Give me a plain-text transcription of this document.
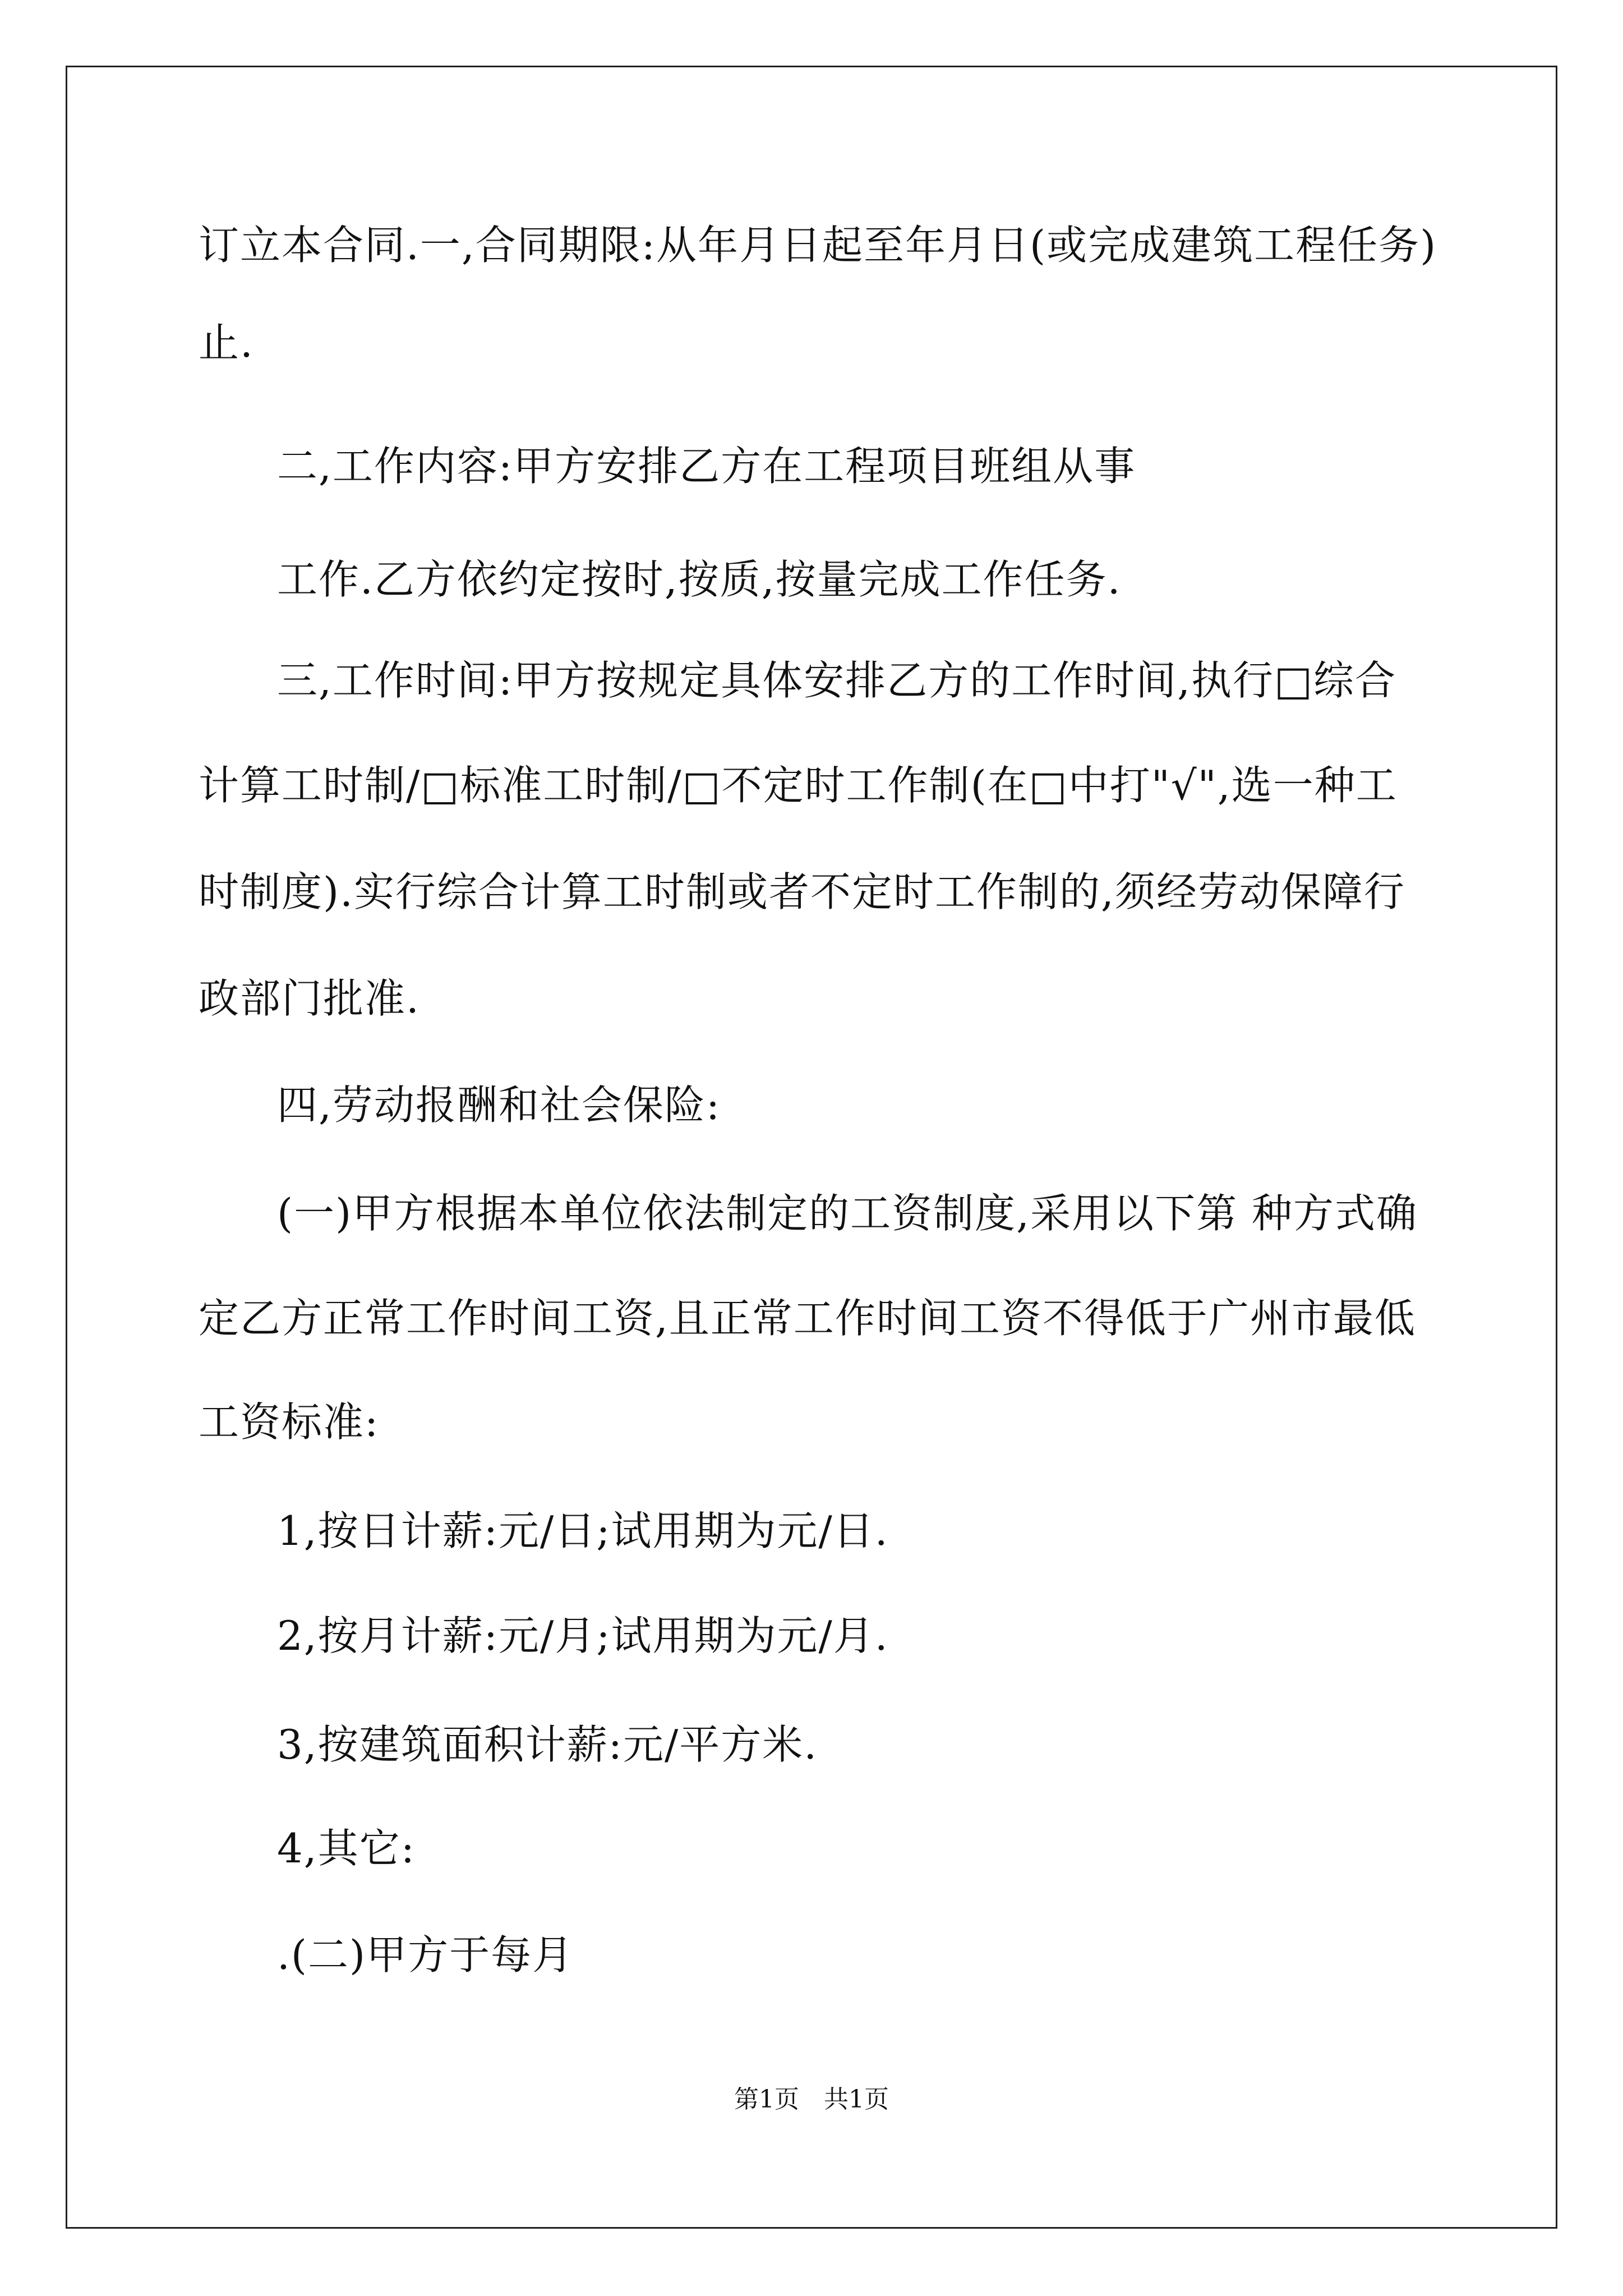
订立本合同.一,合同期限:从年月日起至年月日(或完成建筑工程任务)
止.
二,工作内容:甲方安排乙方在工程项目班组从事
工作.乙方依约定按时,按质,按量完成工作任务.
三,工作时间:甲方按规定具体安排乙方的工作时间,执行□综合
计算工时制/□标准工时制/□不定时工作制(在□中打"√",选一种工
时制度).实行综合计算工时制或者不定时工作制的,须经劳动保障行
政部门批准.
四,劳动报酬和社会保险:
(一)甲方根据本单位依法制定的工资制度,采用以下第 种方式确
定乙方正常工作时间工资,且正常工作时间工资不得低于广州市最低
工资标准:
1,按日计薪:元/日;试用期为元/日.
2,按月计薪:元/月;试用期为元/月.
3,按建筑面积计薪:元/平方米.
4,其它:
.(二)甲方于每月
第1页　共1页
